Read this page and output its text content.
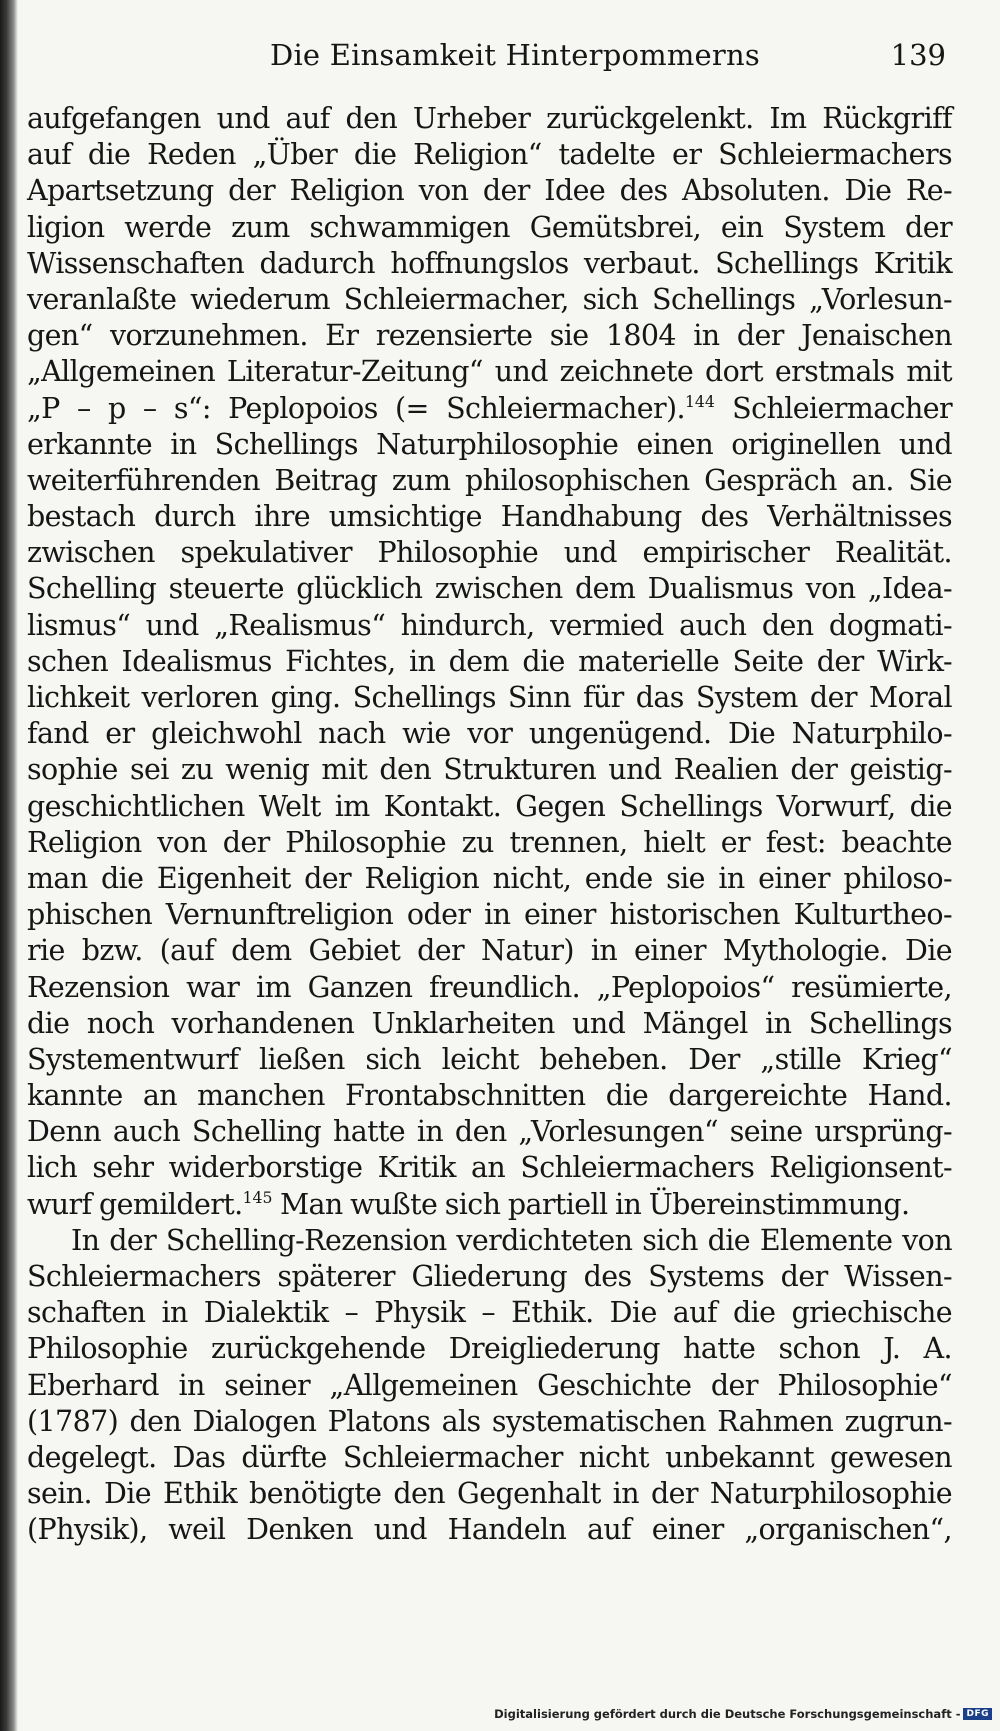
Die Einsamkeit Hinterpommerns	139
aufgefangen und auf den Urheber zurückgelenkt. Im Rückgriff
auf die Reden „Über die Religion“ tadelte er Schleiermachers
Apartsetzung der Religion von der Idee des Absoluten. Die Re-
ligion werde zum schwammigen Gemütsbrei, ein System der
Wissenschaften dadurch hoffnungslos verbaut. Schellings Kritik
veranlaßte wiederum Schleiermacher, sich Schellings „Vorlesun-
gen“ vorzunehmen. Er rezensierte sie 1804 in der Jenaischen
„Allgemeinen Literatur-Zeitung“ und zeichnete dort erstmals mit
„P – p – s“: Peplopoios (= Schleiermacher).$^{144}$ Schleiermacher
erkannte in Schellings Naturphilosophie einen originellen und
weiterführenden Beitrag zum philosophischen Gespräch an. Sie
bestach durch ihre umsichtige Handhabung des Verhältnisses
zwischen spekulativer Philosophie und empirischer Realität.
Schelling steuerte glücklich zwischen dem Dualismus von „Idea-
lismus“ und „Realismus“ hindurch, vermied auch den dogmati-
schen Idealismus Fichtes, in dem die materielle Seite der Wirk-
lichkeit verloren ging. Schellings Sinn für das System der Moral
fand er gleichwohl nach wie vor ungenügend. Die Naturphilo-
sophie sei zu wenig mit den Strukturen und Realien der geistig-
geschichtlichen Welt im Kontakt. Gegen Schellings Vorwurf, die
Religion von der Philosophie zu trennen, hielt er fest: beachte
man die Eigenheit der Religion nicht, ende sie in einer philoso-
phischen Vernunftreligion oder in einer historischen Kulturtheo-
rie bzw. (auf dem Gebiet der Natur) in einer Mythologie. Die
Rezension war im Ganzen freundlich. „Peplopoios“ resümierte,
die noch vorhandenen Unklarheiten und Mängel in Schellings
Systementwurf ließen sich leicht beheben. Der „stille Krieg“
kannte an manchen Frontabschnitten die dargereichte Hand.
Denn auch Schelling hatte in den „Vorlesungen“ seine ursprüng-
lich sehr widerborstige Kritik an Schleiermachers Religionsent-
wurf gemildert.$^{145}$ Man wußte sich partiell in Übereinstimmung.
In der Schelling-Rezension verdichteten sich die Elemente von
Schleiermachers späterer Gliederung des Systems der Wissen-
schaften in Dialektik – Physik – Ethik. Die auf die griechische
Philosophie zurückgehende Dreigliederung hatte schon J. A.
Eberhard in seiner „Allgemeinen Geschichte der Philosophie“
(1787) den Dialogen Platons als systematischen Rahmen zugrun-
degelegt. Das dürfte Schleiermacher nicht unbekannt gewesen
sein. Die Ethik benötigte den Gegenhalt in der Naturphilosophie
(Physik), weil Denken und Handeln auf einer „organischen“,
Digitalisierung gefördert durch die Deutsche Forschungsgemeinschaft - DFG
